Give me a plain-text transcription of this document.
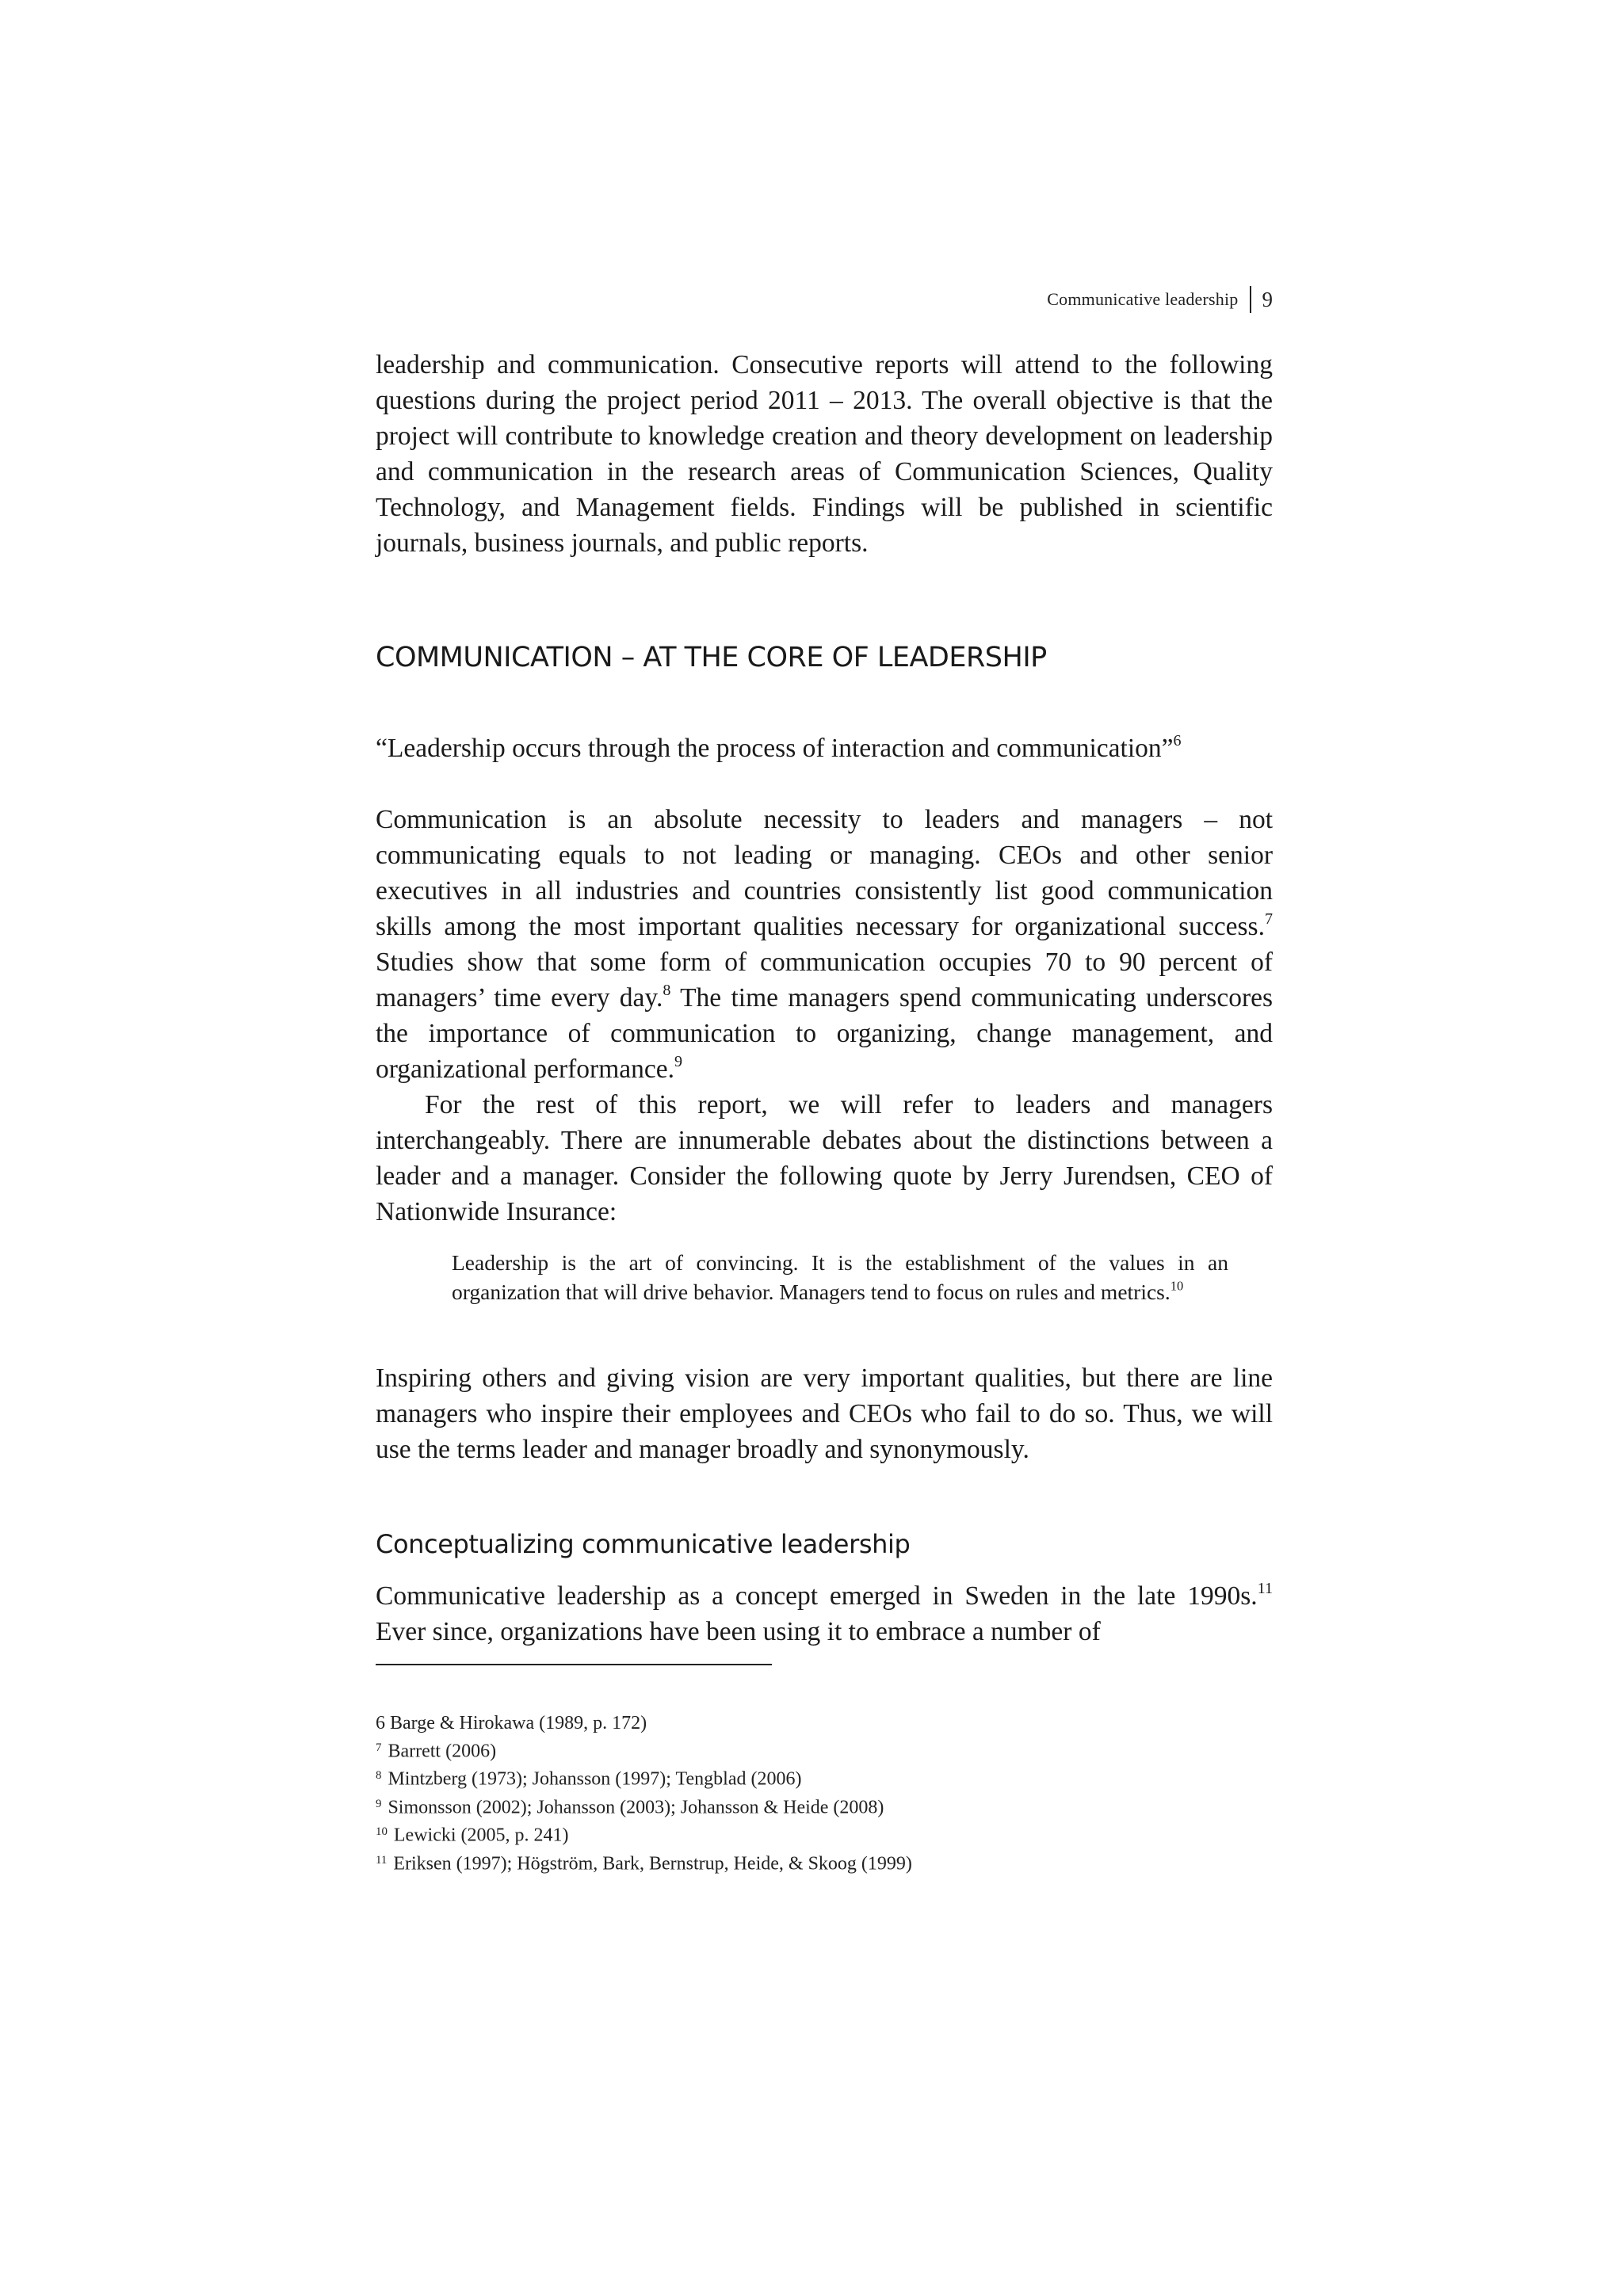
Communicative leadership 9

leadership and communication. Consecutive reports will attend to the following questions during the project period 2011 – 2013. The overall objective is that the project will contribute to knowledge creation and theory development on leadership and communication in the research areas of Communication Sciences, Quality Technology, and Management fields. Findings will be published in scientific journals, business journals, and public reports.

COMMUNICATION – AT THE CORE OF LEADERSHIP

“Leadership occurs through the process of interaction and communication”$^6$

Communication is an absolute necessity to leaders and managers – not communicating equals to not leading or managing. CEOs and other senior executives in all industries and countries consistently list good communication skills among the most important qualities necessary for organizational success.$^7$ Studies show that some form of communication occupies 70 to 90 percent of managers’ time every day.$^8$ The time managers spend communicating underscores the importance of communication to organizing, change management, and organizational performance.$^9$

For the rest of this report, we will refer to leaders and managers interchangeably. There are innumerable debates about the distinctions between a leader and a manager. Consider the following quote by Jerry Jurendsen, CEO of Nationwide Insurance:

Leadership is the art of convincing. It is the establishment of the values in an organization that will drive behavior. Managers tend to focus on rules and metrics.$^{10}$

Inspiring others and giving vision are very important qualities, but there are line managers who inspire their employees and CEOs who fail to do so. Thus, we will use the terms leader and manager broadly and synonymously.

Conceptualizing communicative leadership

Communicative leadership as a concept emerged in Sweden in the late 1990s.$^{11}$ Ever since, organizations have been using it to embrace a number of

6 Barge & Hirokawa (1989, p. 172)
$^7$ Barrett (2006)
$^8$ Mintzberg (1973); Johansson (1997); Tengblad (2006)
$^9$ Simonsson (2002); Johansson (2003); Johansson & Heide (2008)
$^{10}$ Lewicki (2005, p. 241)
$^{11}$ Eriksen (1997); Högström, Bark, Bernstrup, Heide, & Skoog (1999)
